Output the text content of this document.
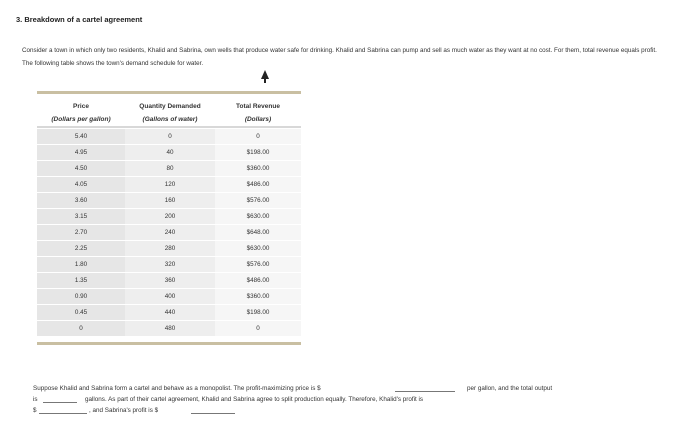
3. Breakdown of a cartel agreement
Consider a town in which only two residents, Khalid and Sabrina, own wells that produce water safe for drinking. Khalid and Sabrina can pump and sell as much water as they want at no cost. For them, total revenue equals profit. The following table shows the town's demand schedule for water.
Price	Quantity Demanded	Total Revenue
(Dollars per gallon)	(Gallons of water)	(Dollars)

5.40	0	0
4.95	40	$198.00
4.50	80	$360.00
4.05	120	$486.00
3.60	160	$576.00
3.15	200	$630.00
2.70	240	$648.00
2.25	280	$630.00
1.80	320	$576.00
1.35	360	$486.00
0.90	400	$360.00
0.45	440	$198.00
0	480	0
Suppose Khalid and Sabrina form a cartel and behave as a monopolist. The profit-maximizing price is $	per gallon, and the total output
is	gallons. As part of their cartel agreement, Khalid and Sabrina agree to split production equally. Therefore, Khalid's profit is
$	, and Sabrina's profit is $
